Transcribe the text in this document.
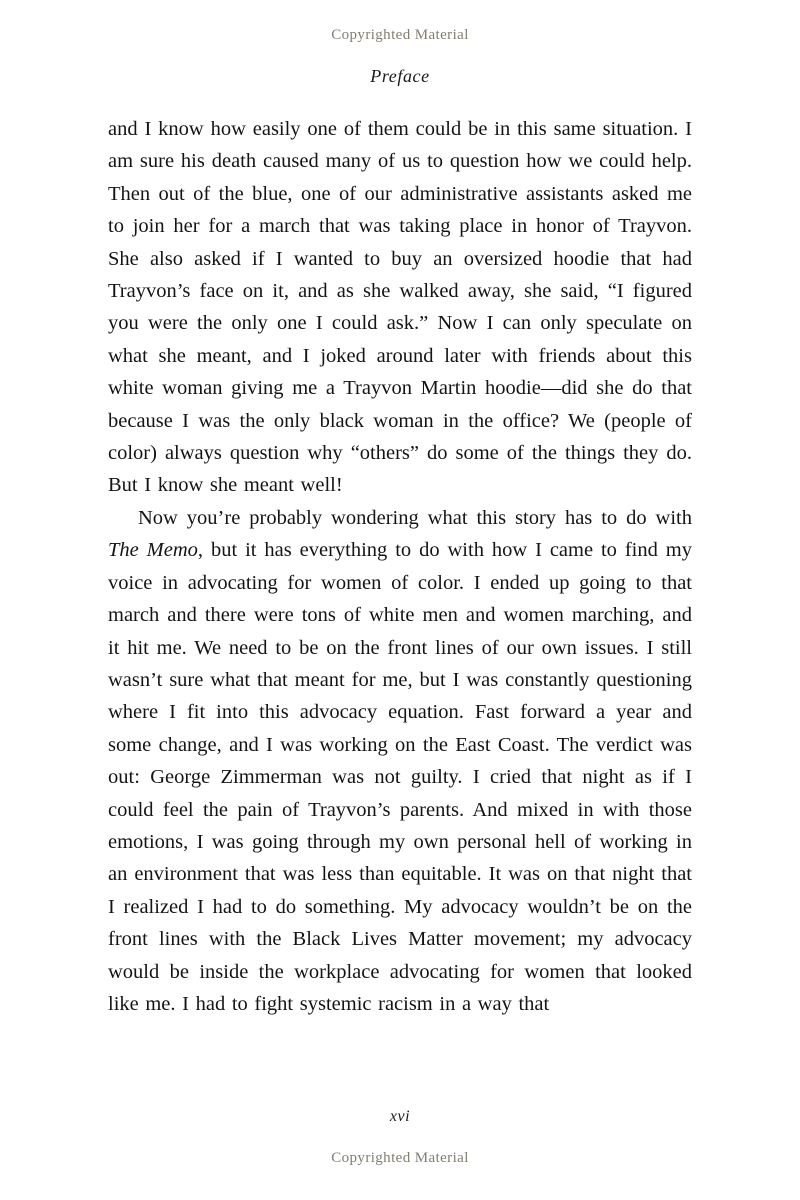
Copyrighted Material
Preface

and I know how easily one of them could be in this same situation. I am sure his death caused many of us to question how we could help. Then out of the blue, one of our administrative assistants asked me to join her for a march that was taking place in honor of Trayvon. She also asked if I wanted to buy an oversized hoodie that had Trayvon’s face on it, and as she walked away, she said, “I figured you were the only one I could ask.” Now I can only speculate on what she meant, and I joked around later with friends about this white woman giving me a Trayvon Martin hoodie—did she do that because I was the only black woman in the office? We (people of color) always question why “others” do some of the things they do. But I know she meant well!

Now you’re probably wondering what this story has to do with The Memo, but it has everything to do with how I came to find my voice in advocating for women of color. I ended up going to that march and there were tons of white men and women marching, and it hit me. We need to be on the front lines of our own issues. I still wasn’t sure what that meant for me, but I was constantly questioning where I fit into this advocacy equation. Fast forward a year and some change, and I was working on the East Coast. The verdict was out: George Zimmerman was not guilty. I cried that night as if I could feel the pain of Trayvon’s parents. And mixed in with those emotions, I was going through my own personal hell of working in an environment that was less than equitable. It was on that night that I realized I had to do something. My advocacy wouldn’t be on the front lines with the Black Lives Matter movement; my advocacy would be inside the workplace advocating for women that looked like me. I had to fight systemic racism in a way that

xvi
Copyrighted Material
